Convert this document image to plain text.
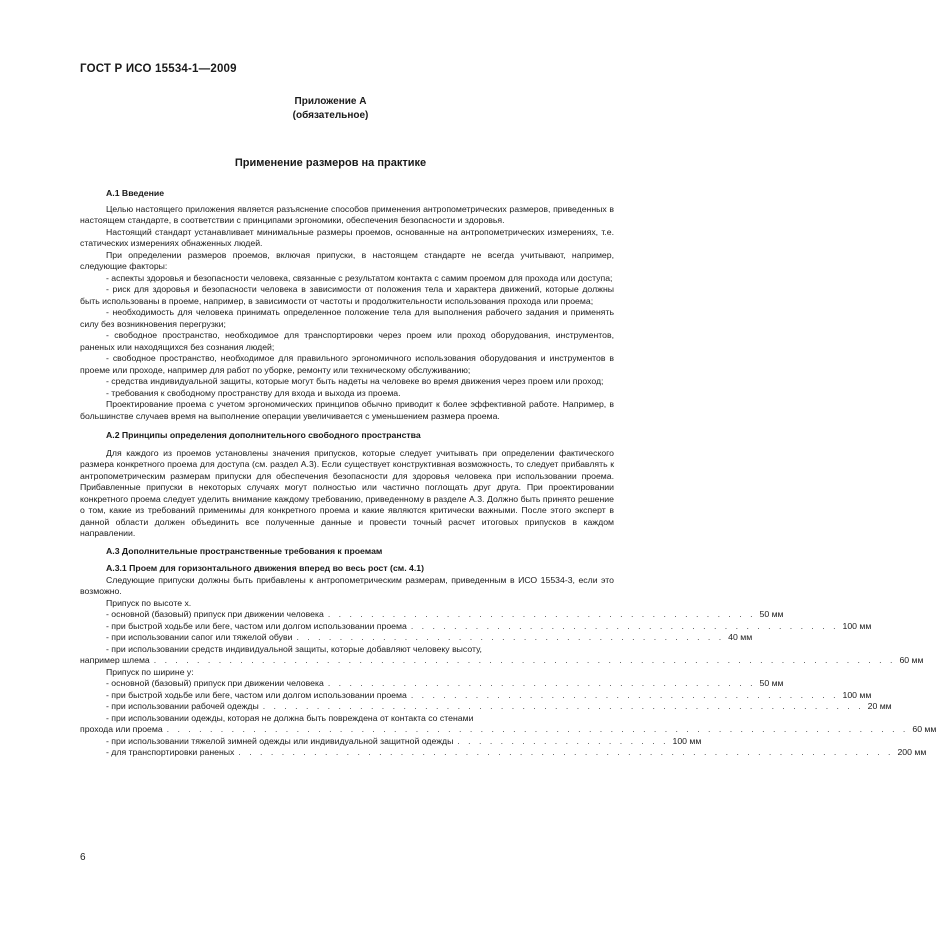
ГОСТ Р ИСО 15534-1—2009
Приложение А
(обязательное)
Применение размеров на практике
А.1 Введение
Целью настоящего приложения является разъяснение способов применения антропометрических размеров, приведенных в настоящем стандарте, в соответствии с принципами эргономики, обеспечения безопасности и здоровья.
Настоящий стандарт устанавливает минимальные размеры проемов, основанные на антропометрических измерениях, т.е. статических измерениях обнаженных людей.
При определении размеров проемов, включая припуски, в настоящем стандарте не всегда учитывают, например, следующие факторы:
- аспекты здоровья и безопасности человека, связанные с результатом контакта с самим проемом для прохода или доступа;
- риск для здоровья и безопасности человека в зависимости от положения тела и характера движений, которые должны быть использованы в проеме, например, в зависимости от частоты и продолжительности использования прохода или проема;
- необходимость для человека принимать определенное положение тела для выполнения рабочего задания и применять силу без возникновения перегрузки;
- свободное пространство, необходимое для транспортировки через проем или проход оборудования, инструментов, раненых или находящихся без сознания людей;
- свободное пространство, необходимое для правильного эргономичного использования оборудования и инструментов в проеме или проходе, например для работ по уборке, ремонту или техническому обслуживанию;
- средства индивидуальной защиты, которые могут быть надеты на человеке во время движения через проем или проход;
- требования к свободному пространству для входа и выхода из проема.
Проектирование проема с учетом эргономических принципов обычно приводит к более эффективной работе. Например, в большинстве случаев время на выполнение операции увеличивается с уменьшением размера проема.
А.2 Принципы определения дополнительного свободного пространства
Для каждого из проемов установлены значения припусков, которые следует учитывать при определении фактического размера конкретного проема для доступа (см. раздел А.3). Если существует конструктивная возможность, то следует прибавлять к антропометрическим размерам припуски для обеспечения безопасности для здоровья человека при использовании проема. Прибавленные припуски в некоторых случаях могут полностью или частично поглощать друг друга. При проектировании конкретного проема следует уделить внимание каждому требованию, приведенному в разделе А.3. Должно быть принято решение о том, какие из требований применимы для конкретного проема и какие являются критически важными. После этого эксперт в данной области должен объединить все полученные данные и провести точный расчет итоговых припусков в каждом направлении.
А.3 Дополнительные пространственные требования к проемам
А.3.1 Проем для горизонтального движения вперед во весь рост (см. 4.1)
Следующие припуски должны быть прибавлены к антропометрическим размерам, приведенным в ИСО 15534-3, если это возможно.
Припуск по высоте x.
- основной (базовый) припуск при движении человека . . . . . . . . . . . . . . . . . . . . . . . . . . . . . . . . . . . . . . . . 50 мм
- при быстрой ходьбе или беге, частом или долгом использовании проема . . . . . . . . . . . . . . . . . . . . . . . . . . . . . . . . . . . . . . . . 100 мм
- при использовании сапог или тяжелой обуви . . . . . . . . . . . . . . . . . . . . . . . . . . . . . . . . . . . . . . . . 40 мм
- при использовании средств индивидуальной защиты, которые добавляют человеку высоту,
например шлема . . . . . . . . . . . . . . . . . . . . . . . . . . . . . . . . . . . . . . . . . . . . . . . . . . . . . . . . . . . . . . . . . . . . . 60 мм
Припуск по ширине y:
- основной (базовый) припуск при движении человека . . . . . . . . . . . . . . . . . . . . . . . . . . . . . . . . . . . . . . . . 50 мм
- при быстрой ходьбе или беге, частом или долгом использовании проема . . . . . . . . . . . . . . . . . . . . . . . . . . . . . . . . . . . . . . . . 100 мм
- при использовании рабочей одежды . . . . . . . . . . . . . . . . . . . . . . . . . . . . . . . . . . . . . . . . . . . . . . . . . . . . . . . . 20 мм
- при использовании одежды, которая не должна быть повреждена от контакта со стенами
прохода или проема . . . . . . . . . . . . . . . . . . . . . . . . . . . . . . . . . . . . . . . . . . . . . . . . . . . . . . . . . . . . . . . . . . . . . 60 мм
- при использовании тяжелой зимней одежды или индивидуальной защитной одежды . . . . . . . . . . . . . . . . . . . . 100 мм
- для транспортировки раненых . . . . . . . . . . . . . . . . . . . . . . . . . . . . . . . . . . . . . . . . . . . . . . . . . . . . . . . . . . . . . 200 мм
6
